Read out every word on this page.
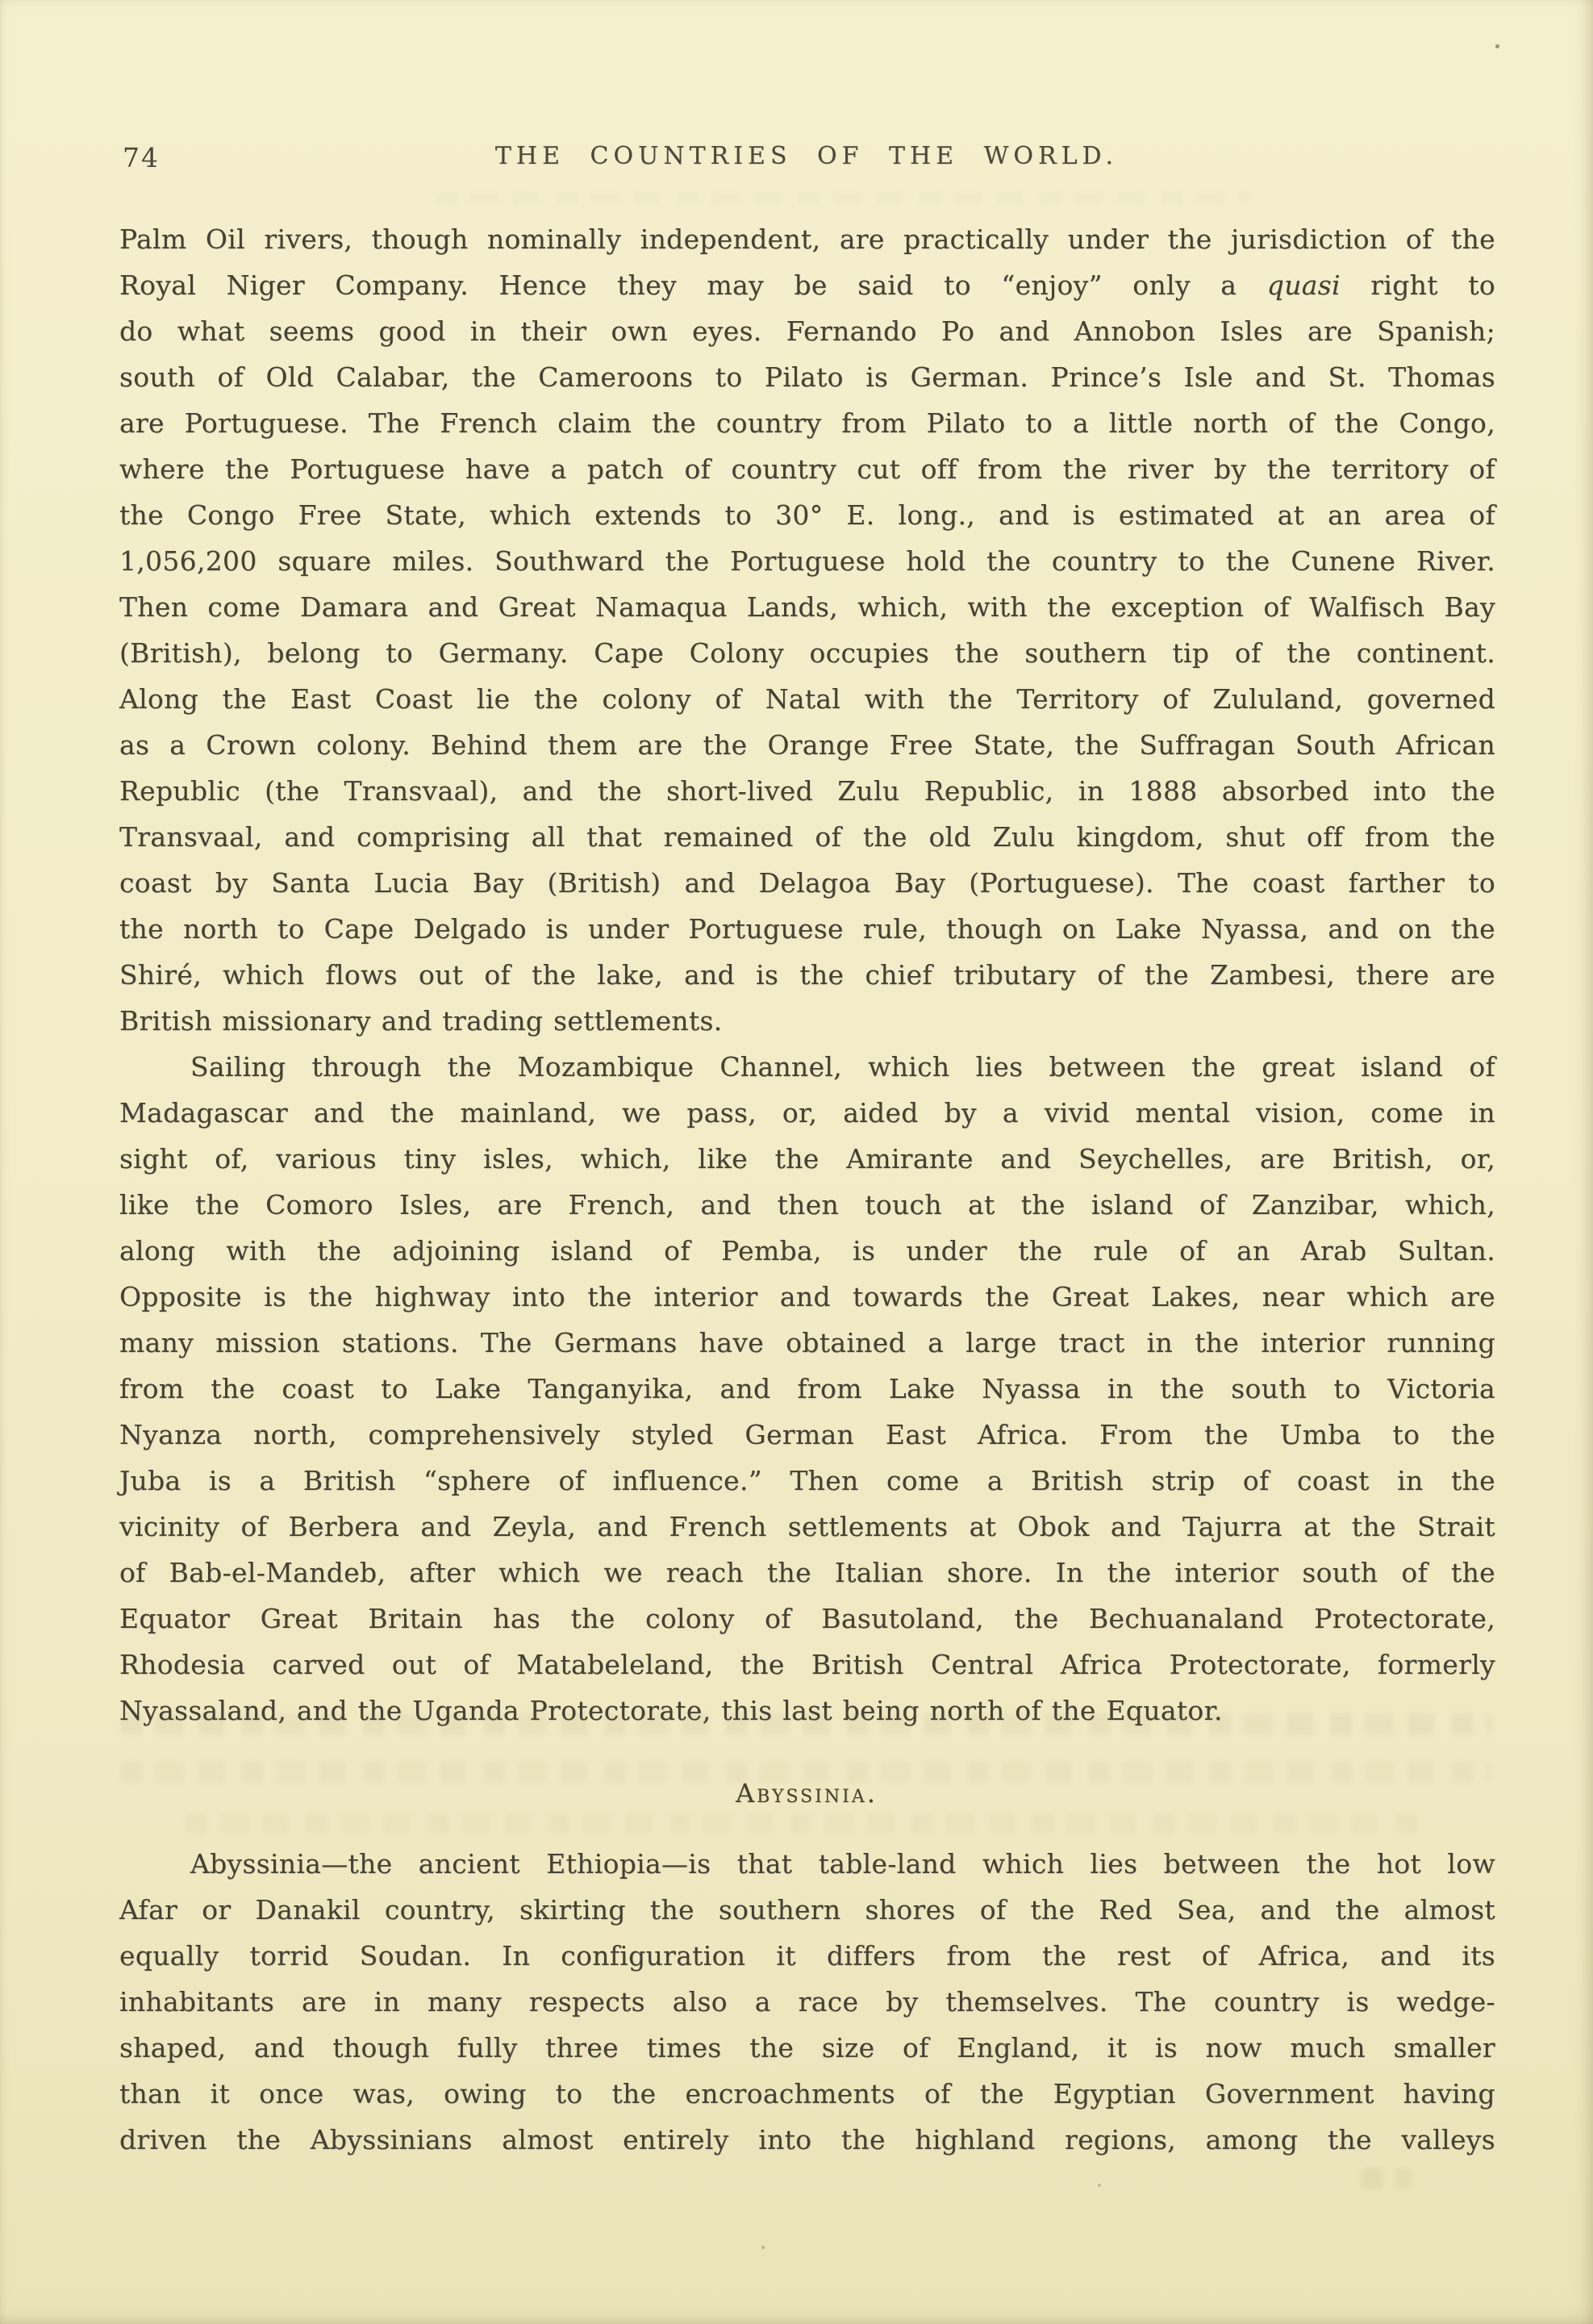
74	THE COUNTRIES OF THE WORLD.
Palm Oil rivers, though nominally independent, are practically under the jurisdiction of the
Royal Niger Company. Hence they may be said to “enjoy” only a quasi right to
do what seems good in their own eyes. Fernando Po and Annobon Isles are Spanish;
south of Old Calabar, the Cameroons to Pilato is German. Prince’s Isle and St. Thomas
are Portuguese. The French claim the country from Pilato to a little north of the Congo,
where the Portuguese have a patch of country cut off from the river by the territory of
the Congo Free State, which extends to 30° E. long., and is estimated at an area of
1,056,200 square miles. Southward the Portuguese hold the country to the Cunene River.
Then come Damara and Great Namaqua Lands, which, with the exception of Walfisch Bay
(British), belong to Germany. Cape Colony occupies the southern tip of the continent.
Along the East Coast lie the colony of Natal with the Territory of Zululand, governed
as a Crown colony. Behind them are the Orange Free State, the Suffragan South African
Republic (the Transvaal), and the short-lived Zulu Republic, in 1888 absorbed into the
Transvaal, and comprising all that remained of the old Zulu kingdom, shut off from the
coast by Santa Lucia Bay (British) and Delagoa Bay (Portuguese). The coast farther to
the north to Cape Delgado is under Portuguese rule, though on Lake Nyassa, and on the
Shiré, which flows out of the lake, and is the chief tributary of the Zambesi, there are
British missionary and trading settlements.
Sailing through the Mozambique Channel, which lies between the great island of
Madagascar and the mainland, we pass, or, aided by a vivid mental vision, come in
sight of, various tiny isles, which, like the Amirante and Seychelles, are British, or,
like the Comoro Isles, are French, and then touch at the island of Zanzibar, which,
along with the adjoining island of Pemba, is under the rule of an Arab Sultan.
Opposite is the highway into the interior and towards the Great Lakes, near which are
many mission stations. The Germans have obtained a large tract in the interior running
from the coast to Lake Tanganyika, and from Lake Nyassa in the south to Victoria
Nyanza north, comprehensively styled German East Africa. From the Umba to the
Juba is a British “sphere of influence.” Then come a British strip of coast in the
vicinity of Berbera and Zeyla, and French settlements at Obok and Tajurra at the Strait
of Bab-el-Mandeb, after which we reach the Italian shore. In the interior south of the
Equator Great Britain has the colony of Basutoland, the Bechuanaland Protectorate,
Rhodesia carved out of Matabeleland, the British Central Africa Protectorate, formerly
Nyassaland, and the Uganda Protectorate, this last being north of the Equator.
Abyssinia.
Abyssinia—the ancient Ethiopia—is that table-land which lies between the hot low
Afar or Danakil country, skirting the southern shores of the Red Sea, and the almost
equally torrid Soudan. In configuration it differs from the rest of Africa, and its
inhabitants are in many respects also a race by themselves. The country is wedge-
shaped, and though fully three times the size of England, it is now much smaller
than it once was, owing to the encroachments of the Egyptian Government having
driven the Abyssinians almost entirely into the highland regions, among the valleys
